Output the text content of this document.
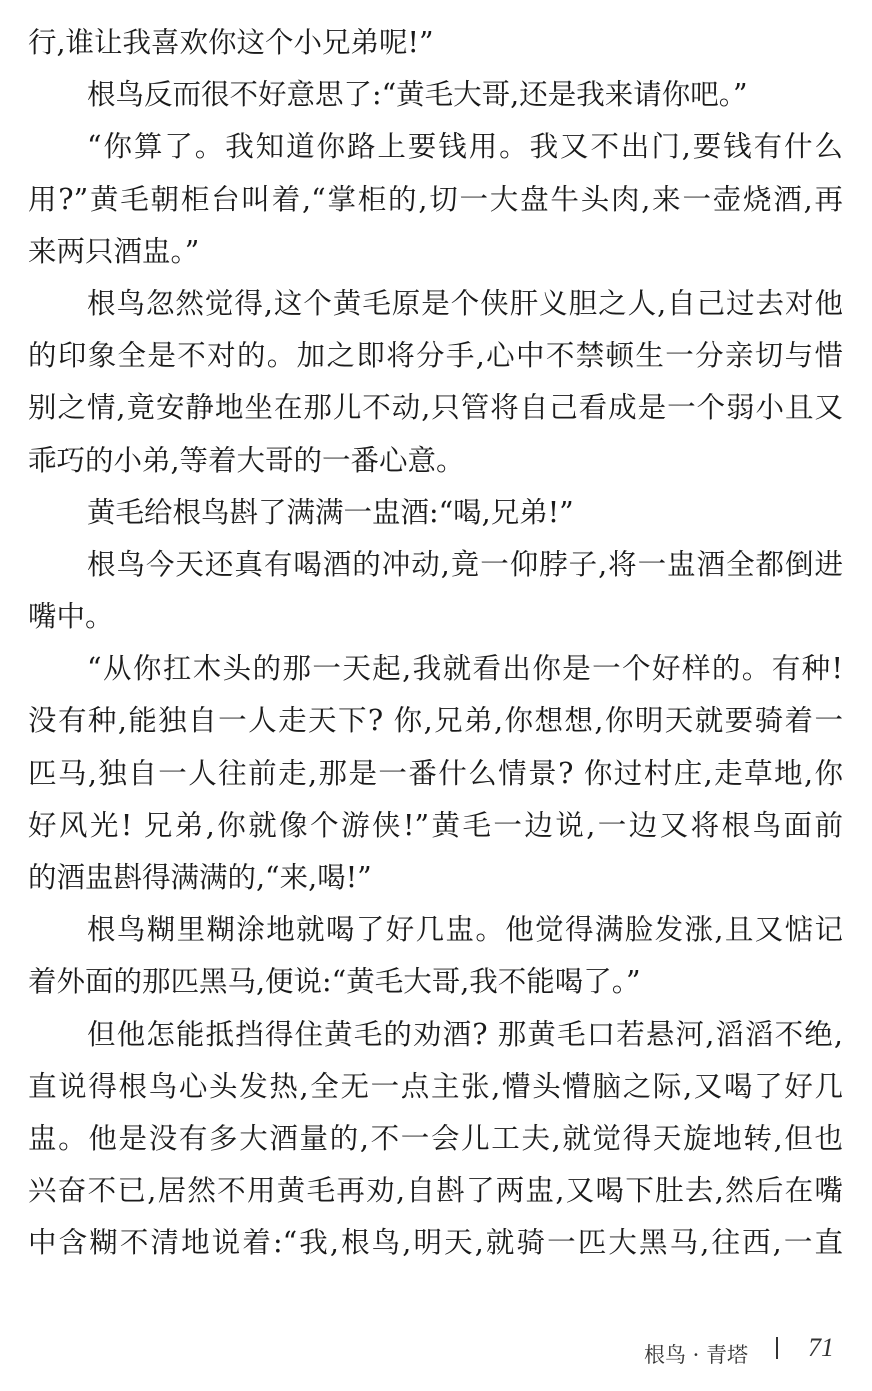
行,谁让我喜欢你这个小兄弟呢!”
根鸟反而很不好意思了:“黄毛大哥,还是我来请你吧。”
“你算了。我知道你路上要钱用。我又不出门,要钱有什么
用?”黄毛朝柜台叫着,“掌柜的,切一大盘牛头肉,来一壶烧酒,再
来两只酒盅。”
根鸟忽然觉得,这个黄毛原是个侠肝义胆之人,自己过去对他
的印象全是不对的。加之即将分手,心中不禁顿生一分亲切与惜
别之情,竟安静地坐在那儿不动,只管将自己看成是一个弱小且又
乖巧的小弟,等着大哥的一番心意。
黄毛给根鸟斟了满满一盅酒:“喝,兄弟!”
根鸟今天还真有喝酒的冲动,竟一仰脖子,将一盅酒全都倒进
嘴中。
“从你扛木头的那一天起,我就看出你是一个好样的。有种!
没有种,能独自一人走天下? 你,兄弟,你想想,你明天就要骑着一
匹马,独自一人往前走,那是一番什么情景? 你过村庄,走草地,你
好风光! 兄弟,你就像个游侠!”黄毛一边说,一边又将根鸟面前
的酒盅斟得满满的,“来,喝!”
根鸟糊里糊涂地就喝了好几盅。他觉得满脸发涨,且又惦记
着外面的那匹黑马,便说:“黄毛大哥,我不能喝了。”
但他怎能抵挡得住黄毛的劝酒? 那黄毛口若悬河,滔滔不绝,
直说得根鸟心头发热,全无一点主张,懵头懵脑之际,又喝了好几
盅。他是没有多大酒量的,不一会儿工夫,就觉得天旋地转,但也
兴奋不已,居然不用黄毛再劝,自斟了两盅,又喝下肚去,然后在嘴
中含糊不清地说着:“我,根鸟,明天,就骑一匹大黑马,往西,一直
根鸟 · 青塔 71
